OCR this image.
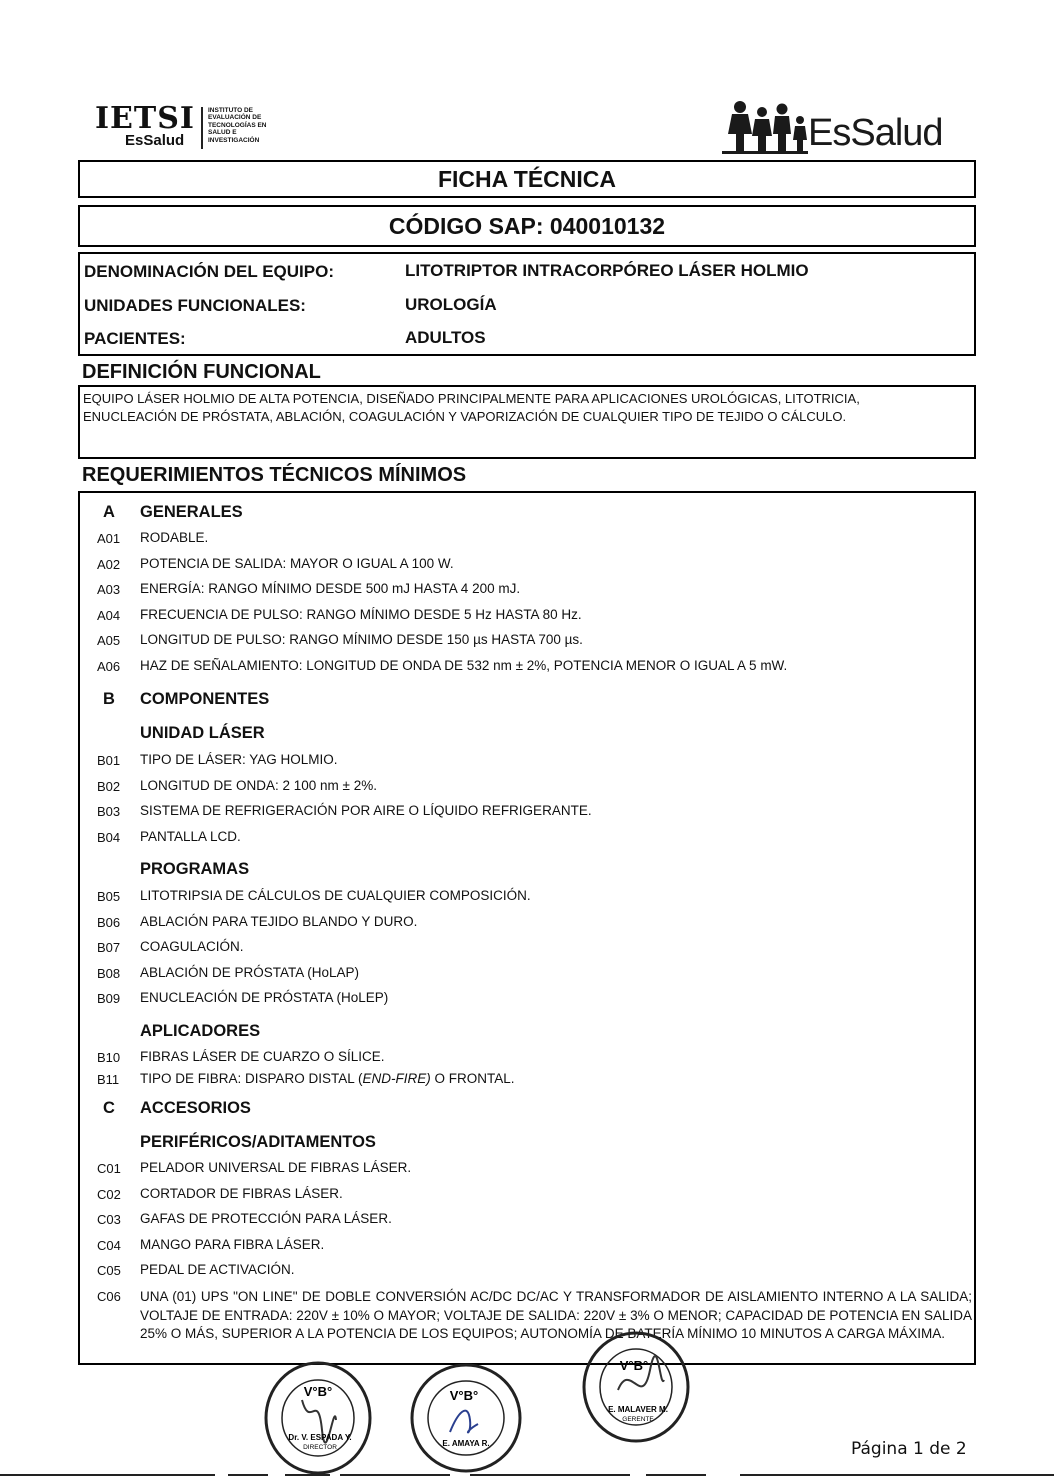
IETSI
EsSalud
INSTITUTO DE
EVALUACIÓN DE
TECNOLOGÍAS EN
SALUD E
INVESTIGACIÓN	EsSalud
FICHA TÉCNICA
CÓDIGO SAP: 040010132
DENOMINACIÓN DEL EQUIPO:	LITOTRIPTOR INTRACORPÓREO LÁSER HOLMIO
UNIDADES FUNCIONALES:	UROLOGÍA
PACIENTES:	ADULTOS
DEFINICIÓN FUNCIONAL
EQUIPO LÁSER HOLMIO DE ALTA POTENCIA, DISEÑADO PRINCIPALMENTE PARA APLICACIONES UROLÓGICAS, LITOTRICIA, ENUCLEACIÓN DE PRÓSTATA, ABLACIÓN, COAGULACIÓN Y VAPORIZACIÓN DE CUALQUIER TIPO DE TEJIDO O CÁLCULO.
REQUERIMIENTOS TÉCNICOS MÍNIMOS
A GENERALES
A01 RODABLE.
A02 POTENCIA DE SALIDA: MAYOR O IGUAL A 100 W.
A03 ENERGÍA: RANGO MÍNIMO DESDE 500 mJ HASTA 4 200 mJ.
A04 FRECUENCIA DE PULSO: RANGO MÍNIMO DESDE 5 Hz HASTA 80 Hz.
A05 LONGITUD DE PULSO: RANGO MÍNIMO DESDE 150 µs HASTA 700 µs.
A06 HAZ DE SEÑALAMIENTO: LONGITUD DE ONDA DE 532 nm ± 2%, POTENCIA MENOR O IGUAL A 5 mW.
B COMPONENTES
UNIDAD LÁSER
B01 TIPO DE LÁSER: YAG HOLMIO.
B02 LONGITUD DE ONDA: 2 100 nm ± 2%.
B03 SISTEMA DE REFRIGERACIÓN POR AIRE O LÍQUIDO REFRIGERANTE.
B04 PANTALLA LCD.
PROGRAMAS
B05 LITOTRIPSIA DE CÁLCULOS DE CUALQUIER COMPOSICIÓN.
B06 ABLACIÓN PARA TEJIDO BLANDO Y DURO.
B07 COAGULACIÓN.
B08 ABLACIÓN DE PRÓSTATA (HoLAP)
B09 ENUCLEACIÓN DE PRÓSTATA (HoLEP)
APLICADORES
B10 FIBRAS LÁSER DE CUARZO O SÍLICE.
B11 TIPO DE FIBRA: DISPARO DISTAL (END-FIRE) O FRONTAL.
C ACCESORIOS
PERIFÉRICOS/ADITAMENTOS
C01 PELADOR UNIVERSAL DE FIBRAS LÁSER.
C02 CORTADOR DE FIBRAS LÁSER.
C03 GAFAS DE PROTECCIÓN PARA LÁSER.
C04 MANGO PARA FIBRA LÁSER.
C05 PEDAL DE ACTIVACIÓN.
C06 UNA (01) UPS "ON LINE" DE DOBLE CONVERSIÓN AC/DC DC/AC Y TRANSFORMADOR DE AISLAMIENTO INTERNO A LA SALIDA; VOLTAJE DE ENTRADA: 220V ± 10% O MAYOR; VOLTAJE DE SALIDA: 220V ± 3% O MENOR; CAPACIDAD DE POTENCIA EN SALIDA 25% O MÁS, SUPERIOR A LA POTENCIA DE LOS EQUIPOS; AUTONOMÍA DE BATERÍA MÍNIMO 10 MINUTOS A CARGA MÁXIMA.
V°B°
Dr. V. ESPADA Y.
DIRECTOR
V°B°
E. AMAYA R.
V°B°
E. MALAVER M.
GERENTE
Página 1 de 2
